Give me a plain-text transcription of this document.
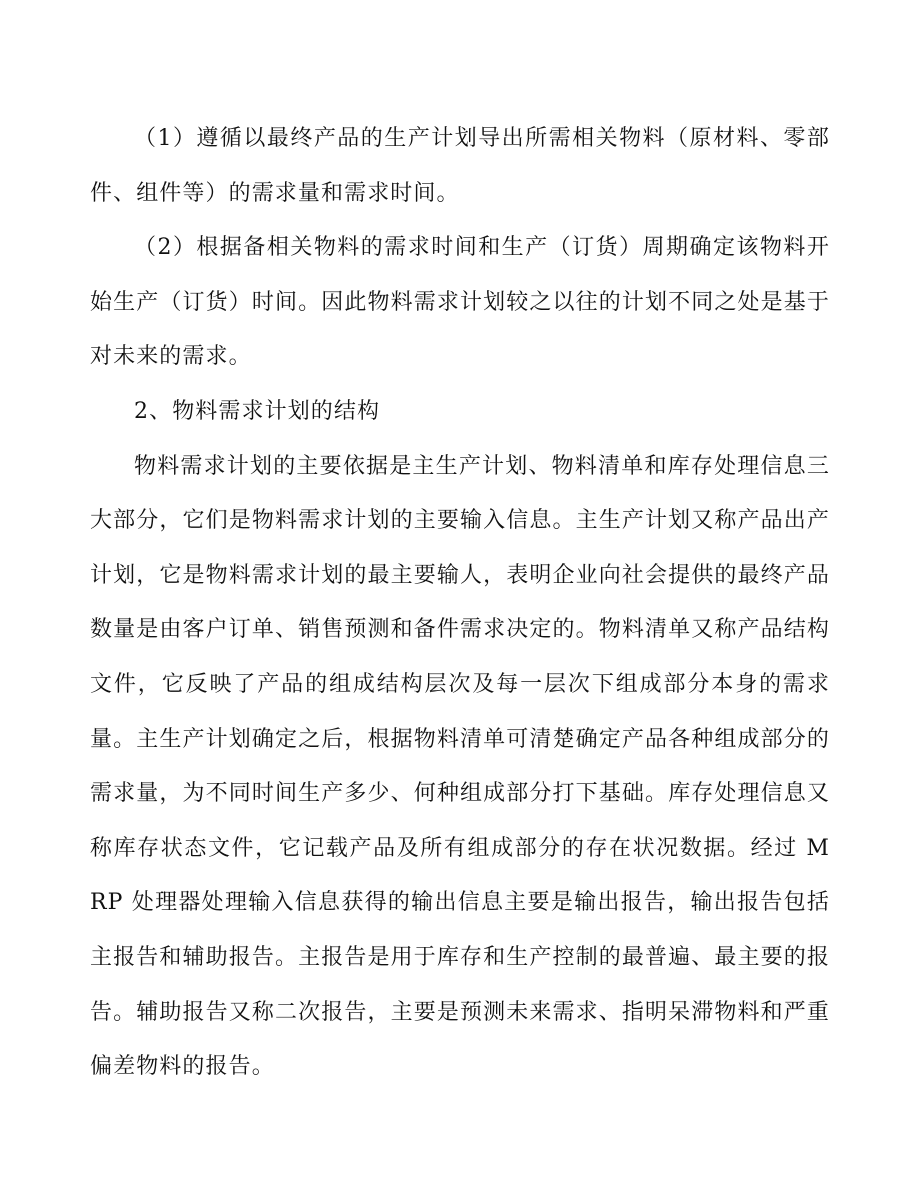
（1）遵循以最终产品的生产计划导出所需相关物料（原材料、零部件、组件等）的需求量和需求时间。

（2）根据备相关物料的需求时间和生产（订货）周期确定该物料开始生产（订货）时间。因此物料需求计划较之以往的计划不同之处是基于对未来的需求。

2、物料需求计划的结构

物料需求计划的主要依据是主生产计划、物料清单和库存处理信息三大部分，它们是物料需求计划的主要输入信息。主生产计划又称产品出产计划，它是物料需求计划的最主要输人，表明企业向社会提供的最终产品数量是由客户订单、销售预测和备件需求决定的。物料清单又称产品结构文件，它反映了产品的组成结构层次及每一层次下组成部分本身的需求量。主生产计划确定之后，根据物料清单可清楚确定产品各种组成部分的需求量，为不同时间生产多少、何种组成部分打下基础。库存处理信息又称库存状态文件，它记载产品及所有组成部分的存在状况数据。经过 MRP 处理器处理输入信息获得的输出信息主要是输出报告，输出报告包括主报告和辅助报告。主报告是用于库存和生产控制的最普遍、最主要的报告。辅助报告又称二次报告，主要是预测未来需求、指明呆滞物料和严重偏差物料的报告。
